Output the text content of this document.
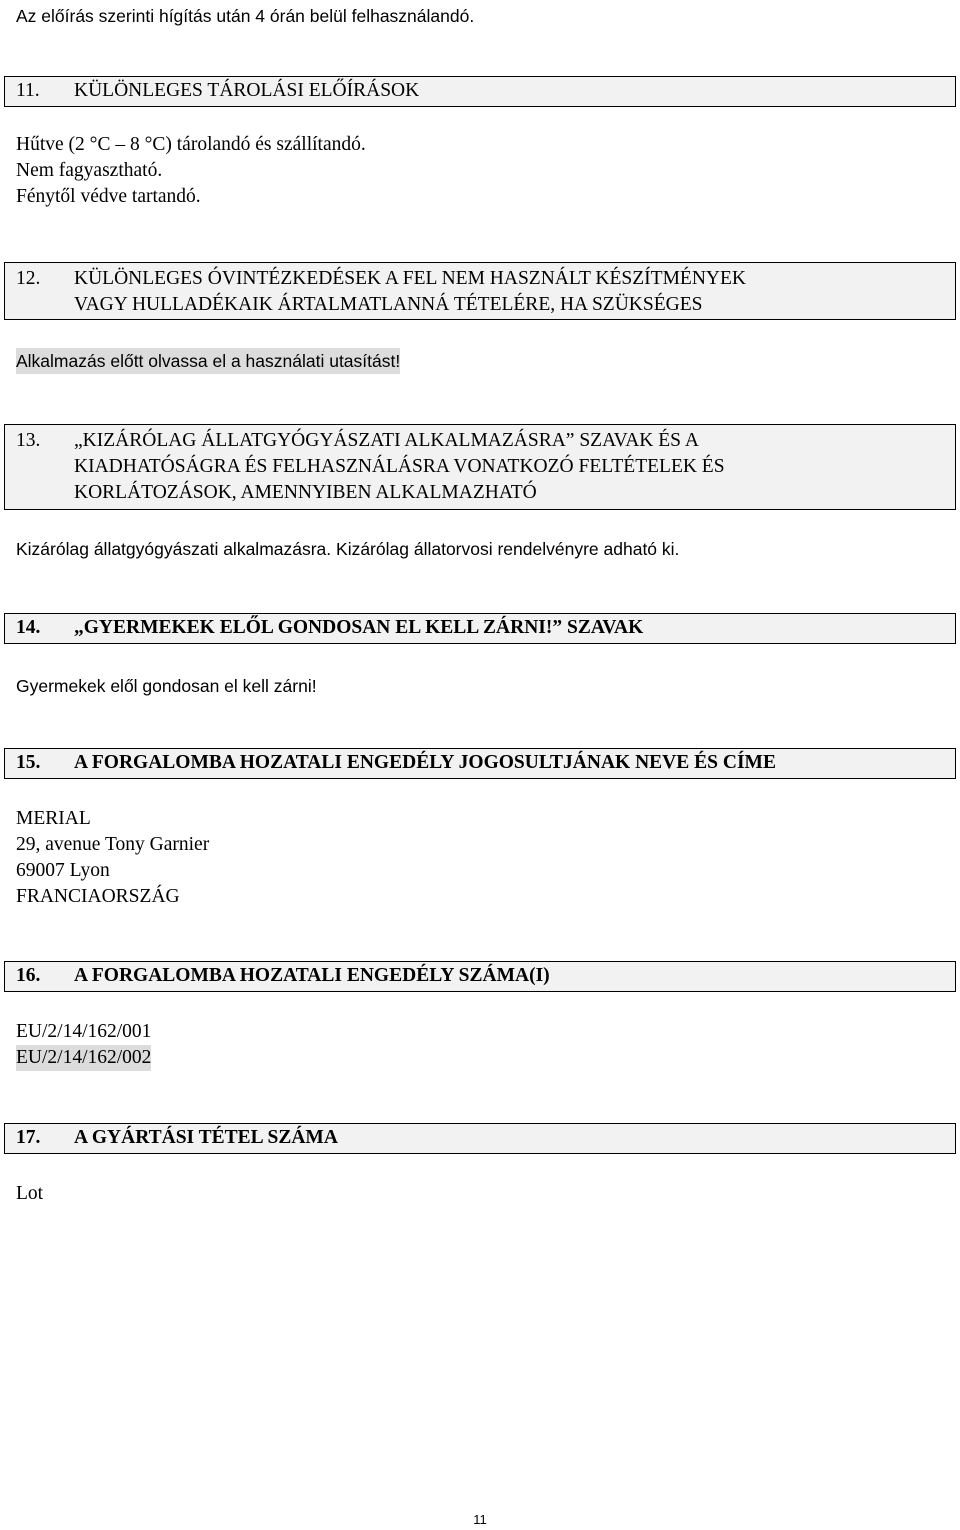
Az előírás szerinti hígítás után 4 órán belül felhasználandó.
11. KÜLÖNLEGES TÁROLÁSI ELŐÍRÁSOK
Hűtve (2 °C – 8 °C) tárolandó és szállítandó.
Nem fagyasztható.
Fénytől védve tartandó.
12. KÜLÖNLEGES ÓVINTÉZKEDÉSEK A FEL NEM HASZNÁLT KÉSZÍTMÉNYEK
VAGY HULLADÉKAIK ÁRTALMATLANNÁ TÉTELÉRE, HA SZÜKSÉGES
Alkalmazás előtt olvassa el a használati utasítást!
13. „KIZÁRÓLAG ÁLLATGYÓGYÁSZATI ALKALMAZÁSRA” SZAVAK ÉS A
KIADHATÓSÁGRA ÉS FELHASZNÁLÁSRA VONATKOZÓ FELTÉTELEK ÉS
KORLÁTOZÁSOK, AMENNYIBEN ALKALMAZHATÓ
Kizárólag állatgyógyászati alkalmazásra. Kizárólag állatorvosi rendelvényre adható ki.
14. „GYERMEKEK ELŐL GONDOSAN EL KELL ZÁRNI!” SZAVAK
Gyermekek elől gondosan el kell zárni!
15. A FORGALOMBA HOZATALI ENGEDÉLY JOGOSULTJÁNAK NEVE ÉS CÍME
MERIAL
29, avenue Tony Garnier
69007 Lyon
FRANCIAORSZÁG
16. A FORGALOMBA HOZATALI ENGEDÉLY SZÁMA(I)
EU/2/14/162/001
EU/2/14/162/002
17. A GYÁRTÁSI TÉTEL SZÁMA
Lot
11
